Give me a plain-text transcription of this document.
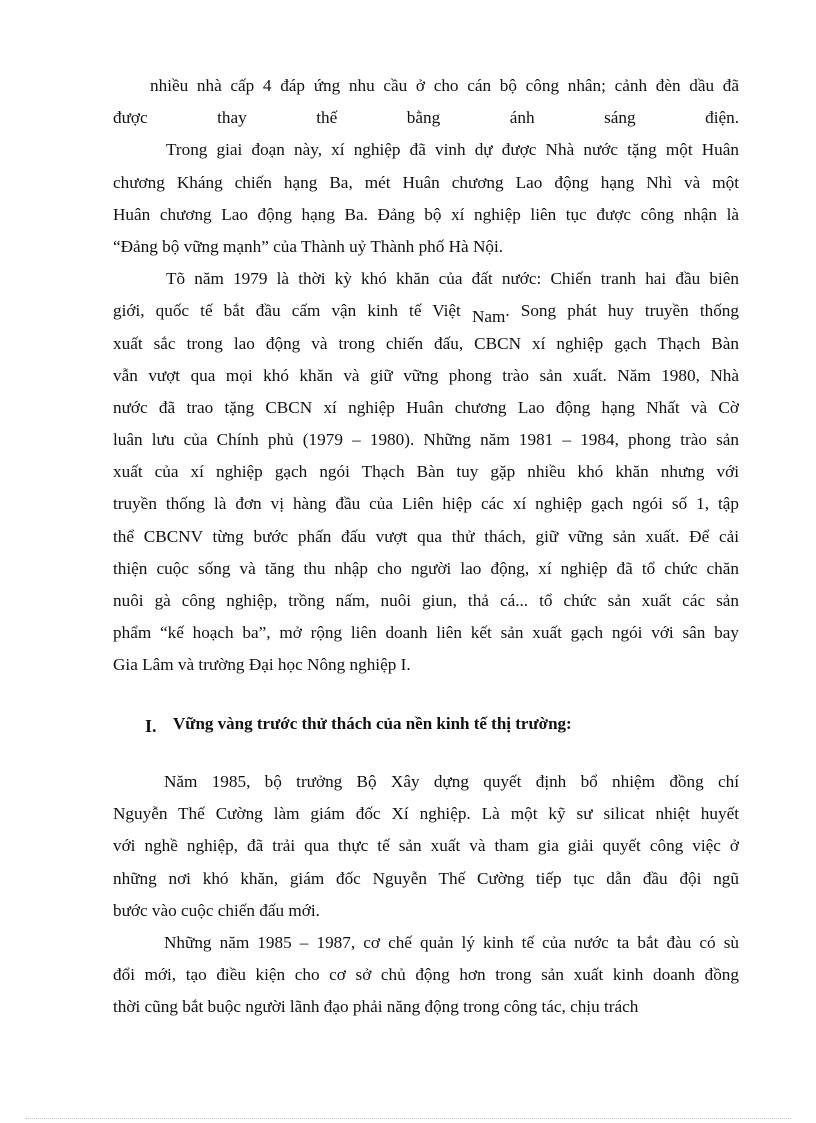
nhiều nhà cấp 4 đáp ứng nhu cầu ở cho cán bộ công nhân; cảnh đèn dầu đã
được thay thế bằng ánh sáng điện.
Trong giai đoạn này, xí nghiệp đã vinh dự được Nhà nước tặng một Huân
chương Kháng chiến hạng Ba, mét Huân chương Lao động hạng Nhì và một
Huân chương Lao động hạng Ba. Đảng bộ xí nghiệp liên tục được công nhận là
“Đảng bộ vững mạnh” của Thành uỷ Thành phố Hà Nội.
Tõ năm 1979 là thời kỳ khó khăn của đất nước: Chiến tranh hai đầu biên
giới, quốc tế bắt đầu cấm vận kinh tế Việt Nam. Song phát huy truyền thống
xuất sắc trong lao động và trong chiến đấu, CBCN xí nghiệp gạch Thạch Bàn
vẫn vượt qua mọi khó khăn và giữ vững phong trào sản xuất. Năm 1980, Nhà
nước đã trao tặng CBCN xí nghiệp Huân chương Lao động hạng Nhất và Cờ
luân lưu của Chính phủ (1979 – 1980). Những năm 1981 – 1984, phong trào sản
xuất của xí nghiệp gạch ngói Thạch Bàn tuy gặp nhiều khó khăn nhưng với
truyền thống là đơn vị hàng đầu của Liên hiệp các xí nghiệp gạch ngói số 1, tập
thể CBCNV từng bước phấn đấu vượt qua thử thách, giữ vững sản xuất. Để cải
thiện cuộc sống và tăng thu nhập cho người lao động, xí nghiệp đã tổ chức chăn
nuôi gà công nghiệp, trồng nấm, nuôi giun, thả cá... tổ chức sản xuất các sản
phẩm “kế hoạch ba”, mở rộng liên doanh liên kết sản xuất gạch ngói với sân bay
Gia Lâm và trường Đại học Nông nghiệp I.
I. Vững vàng trước thử thách của nền kinh tế thị trường:
Năm 1985, bộ trưởng Bộ Xây dựng quyết định bổ nhiệm đồng chí
Nguyễn Thế Cường làm giám đốc Xí nghiệp. Là một kỹ sư silicat nhiệt huyết
với nghề nghiệp, đã trải qua thực tế sản xuất và tham gia giải quyết công việc ở
những nơi khó khăn, giám đốc Nguyễn Thế Cường tiếp tục dẫn đầu đội ngũ
bước vào cuộc chiến đấu mới.
Những năm 1985 – 1987, cơ chế quản lý kinh tế của nước ta bắt đàu có sù
đổi mới, tạo điều kiện cho cơ sở chủ động hơn trong sản xuất kinh doanh đồng
thời cũng bắt buộc người lãnh đạo phải năng động trong công tác, chịu trách
